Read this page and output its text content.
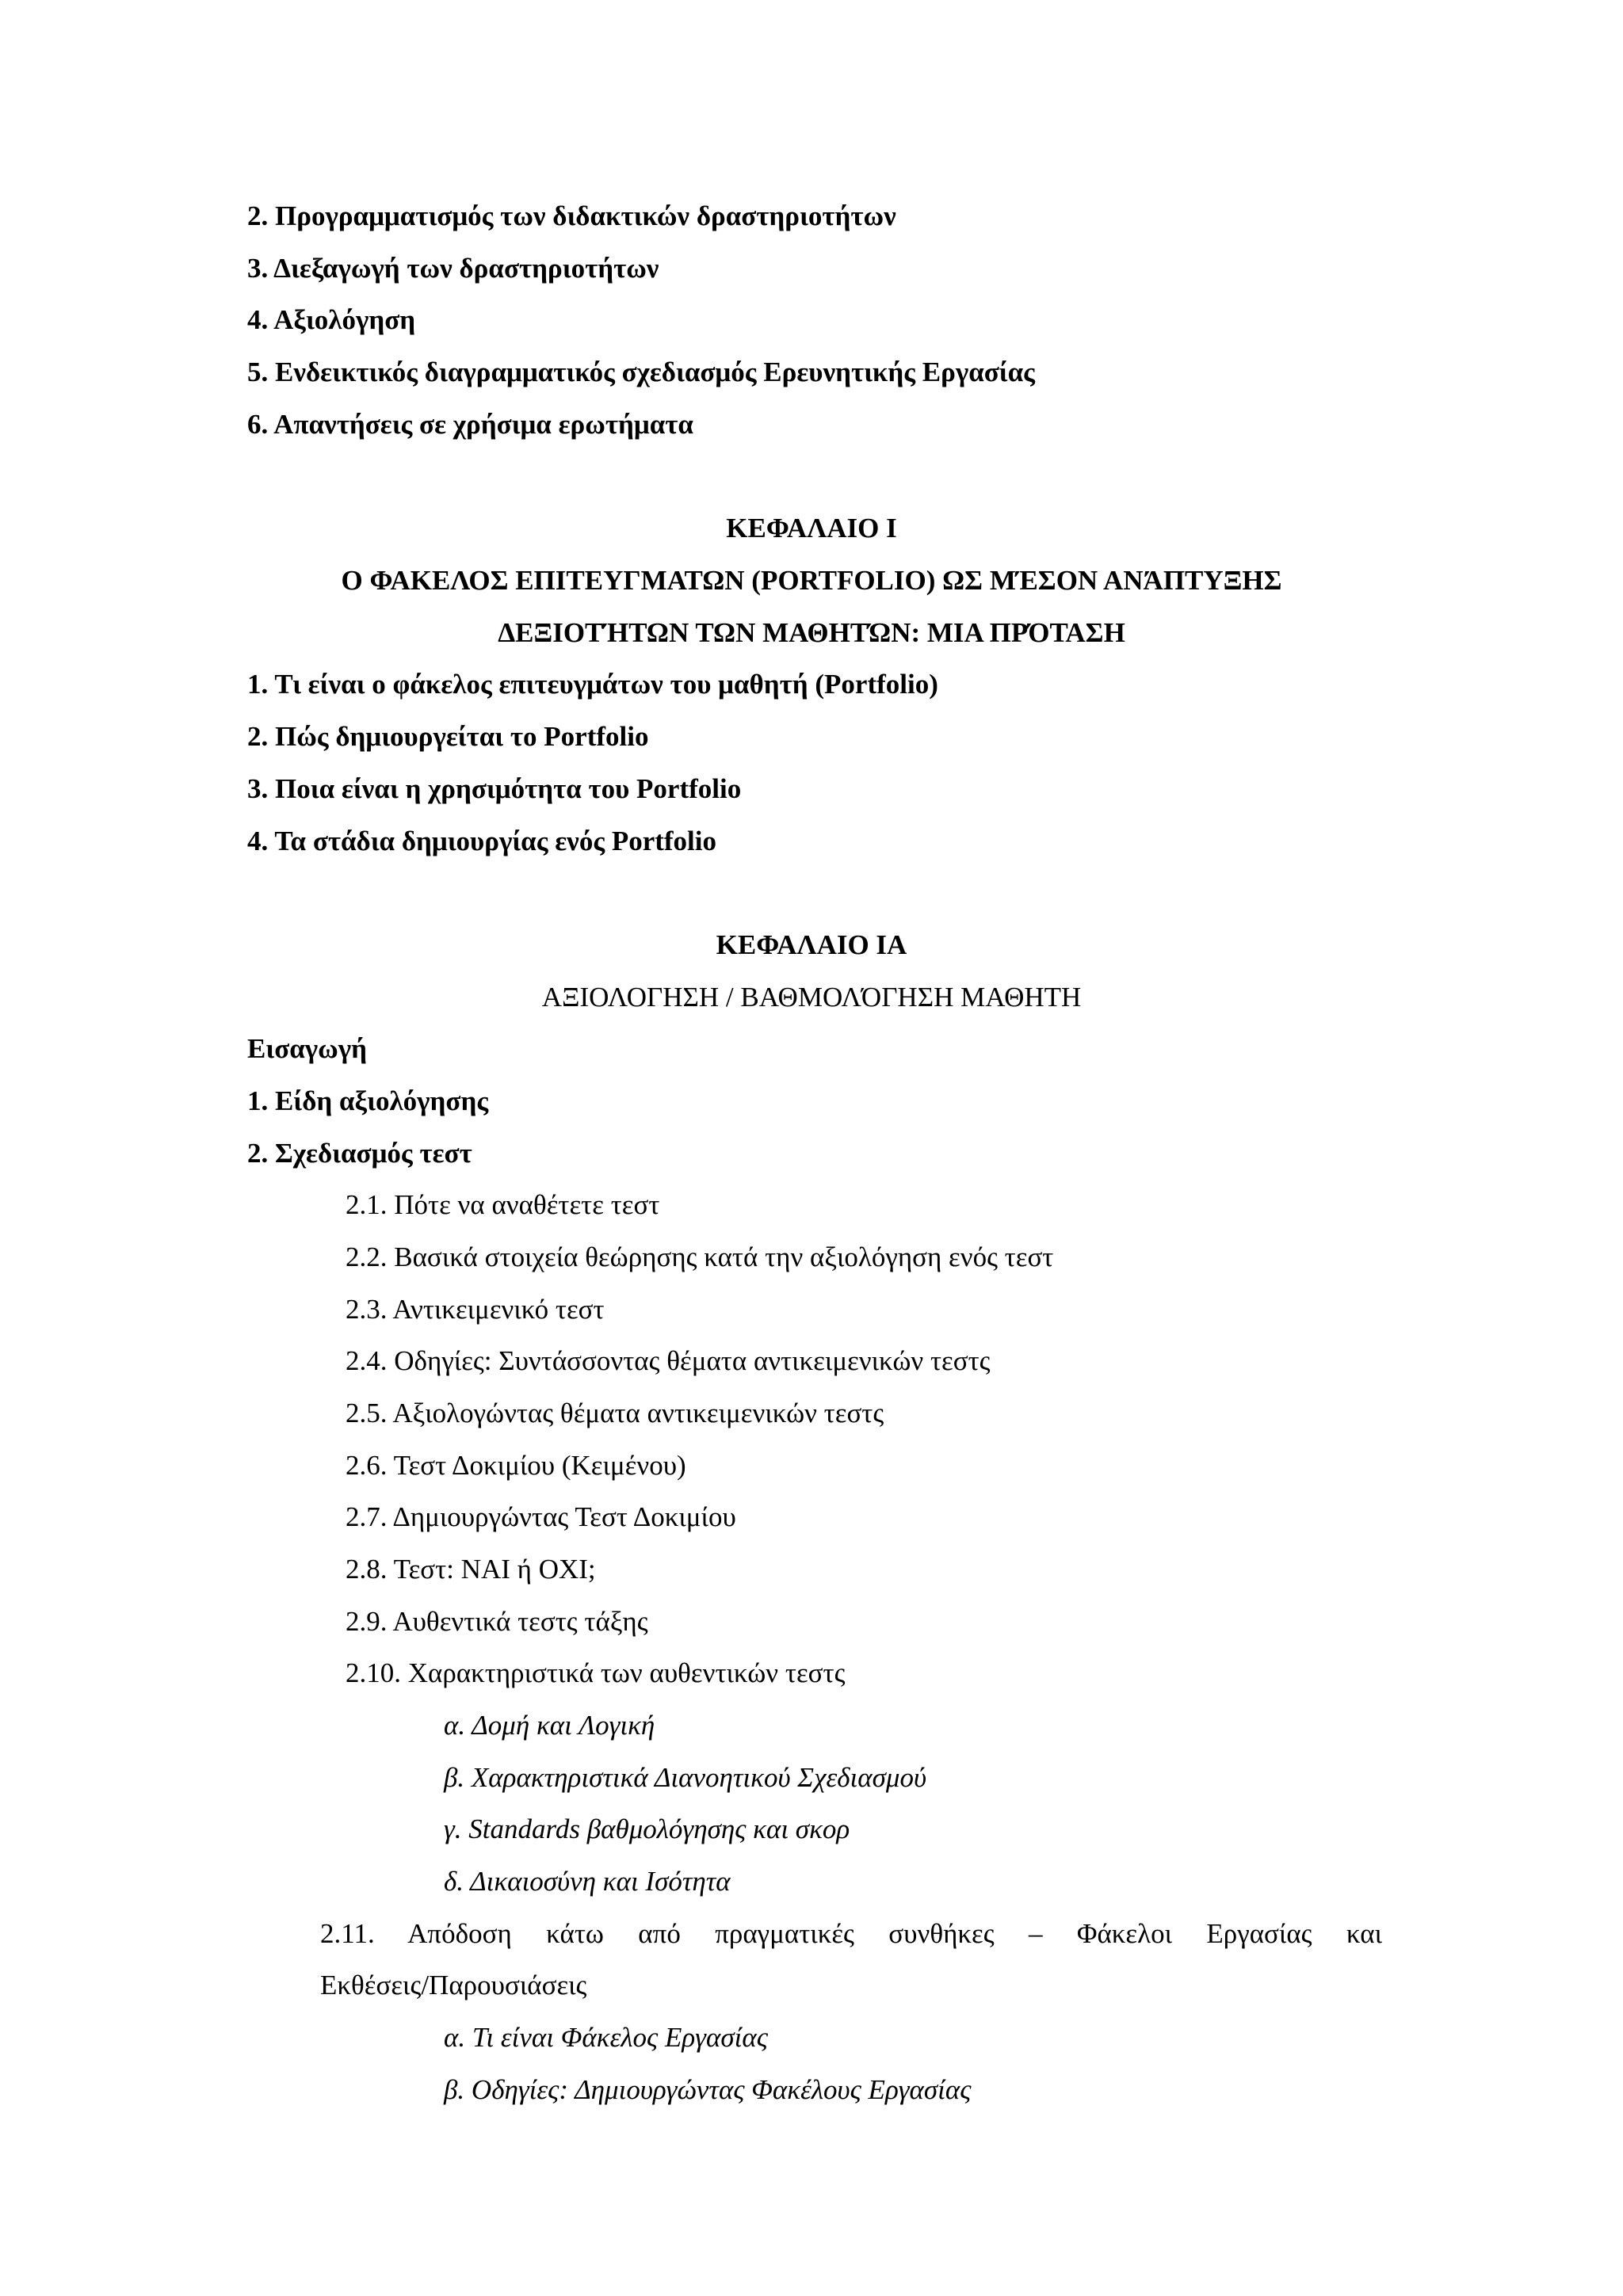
2. Προγραμματισμός των διδακτικών δραστηριοτήτων
3. Διεξαγωγή των δραστηριοτήτων
4. Αξιολόγηση
5. Ενδεικτικός διαγραμματικός σχεδιασμός Ερευνητικής Εργασίας
6. Απαντήσεις σε χρήσιμα ερωτήματα
ΚΕΦΑΛΑΙΟ Ι
Ο ΦΑΚΕΛΟΣ ΕΠΙΤΕΥΓΜΑΤΩΝ (PORTFOLIO) ΩΣ ΜΈΣΟΝ ΑΝΆΠΤΥΞΗΣ
ΔΕΞΙΟΤΉΤΩΝ ΤΩΝ ΜΑΘΗΤΏΝ: ΜΙΑ ΠΡΌΤΑΣΗ
1. Τι είναι ο φάκελος επιτευγμάτων του μαθητή (Portfolio)
2. Πώς δημιουργείται το Portfolio
3. Ποια είναι η χρησιμότητα του Portfolio
4. Τα στάδια δημιουργίας ενός Portfolio
ΚΕΦΑΛΑΙΟ ΙΑ
ΑΞΙΟΛΟΓΗΣΗ / ΒΑΘΜΟΛΌΓΗΣΗ ΜΑΘΗΤΗ
Εισαγωγή
1. Είδη αξιολόγησης
2. Σχεδιασμός τεστ
2.1. Πότε να αναθέτετε τεστ
2.2. Βασικά στοιχεία θεώρησης κατά την αξιολόγηση ενός τεστ
2.3. Αντικειμενικό τεστ
2.4. Οδηγίες: Συντάσσοντας θέματα αντικειμενικών τεστς
2.5. Αξιολογώντας θέματα αντικειμενικών τεστς
2.6. Τεστ Δοκιμίου (Κειμένου)
2.7. Δημιουργώντας Τεστ Δοκιμίου
2.8. Τεστ: ΝΑΙ ή ΟΧΙ;
2.9. Αυθεντικά τεστς τάξης
2.10. Χαρακτηριστικά των αυθεντικών τεστς
α. Δομή και Λογική
β. Χαρακτηριστικά Διανοητικού Σχεδιασμού
γ. Standards βαθμολόγησης και σκορ
δ. Δικαιοσύνη και Ισότητα
2.11. Απόδοση κάτω από πραγματικές συνθήκες – Φάκελοι Εργασίας και
Εκθέσεις/Παρουσιάσεις
α. Τι είναι Φάκελος Εργασίας
β. Οδηγίες: Δημιουργώντας Φακέλους Εργασίας
